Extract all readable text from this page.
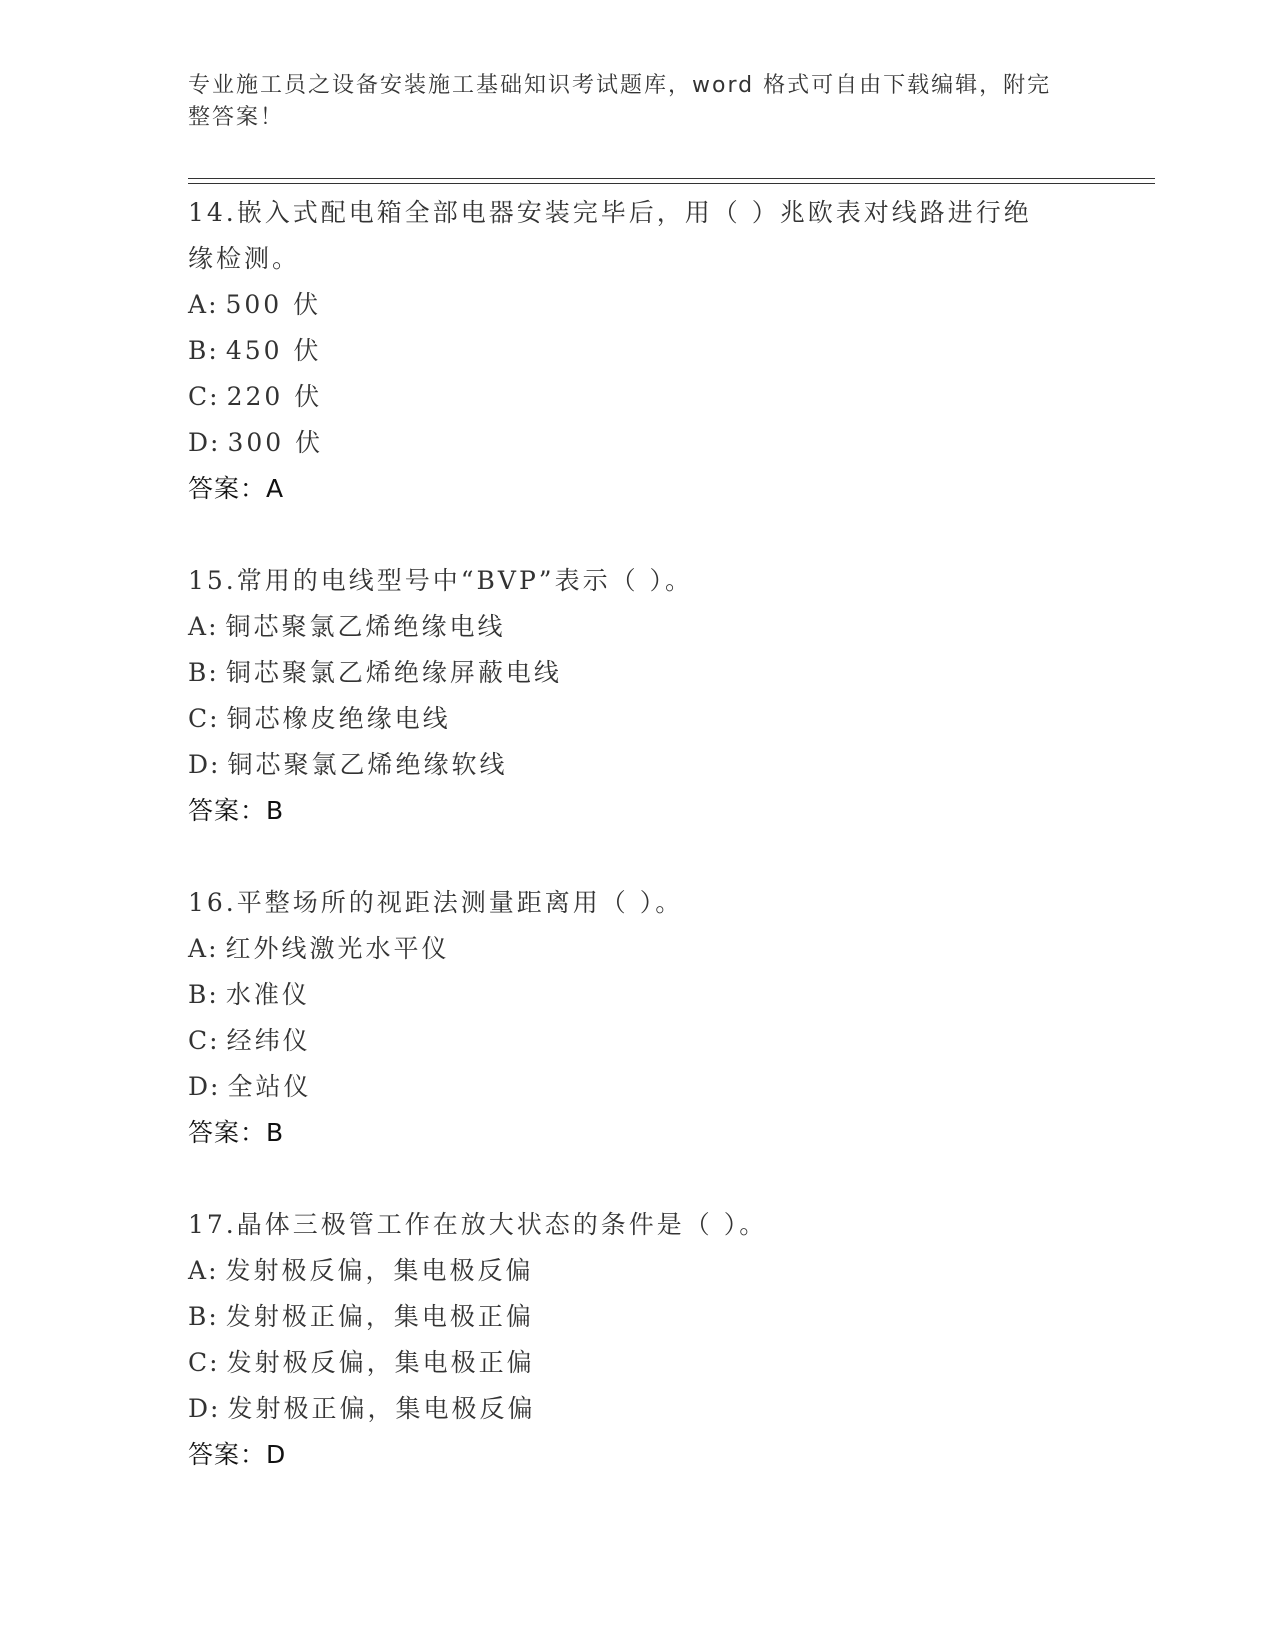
专业施工员之设备安装施工基础知识考试题库，word 格式可自由下载编辑，附完
整答案！

14.嵌入式配电箱全部电器安装完毕后，用（ ）兆欧表对线路进行绝

缘检测。

A: 500 伏
B: 450 伏
C: 220 伏
D: 300 伏
答案：A

15.常用的电线型号中“BVP”表示（ ）。

A: 铜芯聚氯乙烯绝缘电线
B: 铜芯聚氯乙烯绝缘屏蔽电线
C: 铜芯橡皮绝缘电线
D: 铜芯聚氯乙烯绝缘软线
答案：B

16.平整场所的视距法测量距离用（ ）。

A: 红外线激光水平仪
B: 水准仪
C: 经纬仪
D: 全站仪
答案：B

17.晶体三极管工作在放大状态的条件是（ ）。

A: 发射极反偏，集电极反偏
B: 发射极正偏，集电极正偏
C: 发射极反偏，集电极正偏
D: 发射极正偏，集电极反偏
答案：D
